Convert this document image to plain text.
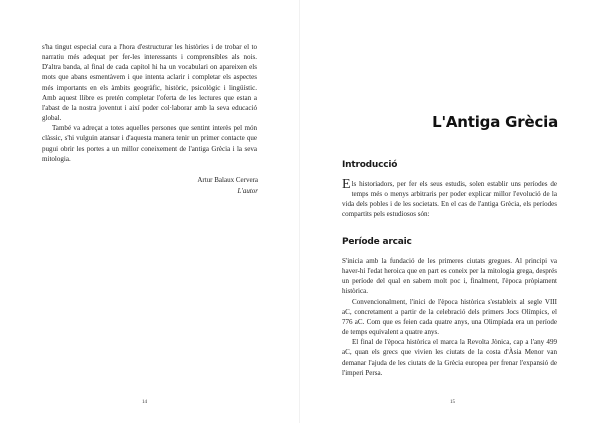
s'ha tingut especial cura a l'hora d'estructurar les històries i de trobar el to narratiu més adequat per fer-les interessants i comprensibles als nois. D'altra banda, al final de cada capítol hi ha un vocabulari on apareixen els mots que abans esmentàvem i que intenta aclarir i completar els aspectes més importants en els àmbits geogràfic, històric, psicològic i lingüístic. Amb aquest llibre es pretén completar l'oferta de les lectures que estan a l'abast de la nostra joventut i així poder col·laborar amb la seva educació global.

També va adreçat a totes aquelles persones que sentint interès pel món clàssic, s'hi vulguin atansar i d'aquesta manera tenir un primer contacte que pugui obrir les portes a un millor coneixement de l'antiga Grècia i la seva mitologia.

Artur Balaux Cervera
L'autor
14
L'Antiga Grècia
Introducció

Els historiadors, per fer els seus estudis, solen establir uns períodes de temps més o menys arbitraris per poder explicar millor l'evolució de la vida dels pobles i de les societats. En el cas de l'antiga Grècia, els períodes compartits pels estudiosos són:

Període arcaic

S'inicia amb la fundació de les primeres ciutats gregues. Al principi va haver-hi l'edat heroica que en part es coneix per la mitologia grega, després un període del qual en sabem molt poc i, finalment, l'època pròpiament històrica.

Convencionalment, l'inici de l'època històrica s'estableix al segle VIII aC, concretament a partir de la celebració dels primers Jocs Olímpics, el 776 aC. Com que es feien cada quatre anys, una Olimpíada era un període de temps equivalent a quatre anys.

El final de l'època històrica el marca la Revolta Jònica, cap a l'any 499 aC, quan els grecs que vivien les ciutats de la costa d'Àsia Menor van demanar l'ajuda de les ciutats de la Grècia europea per frenar l'expansió de l'imperi Persa.

15
